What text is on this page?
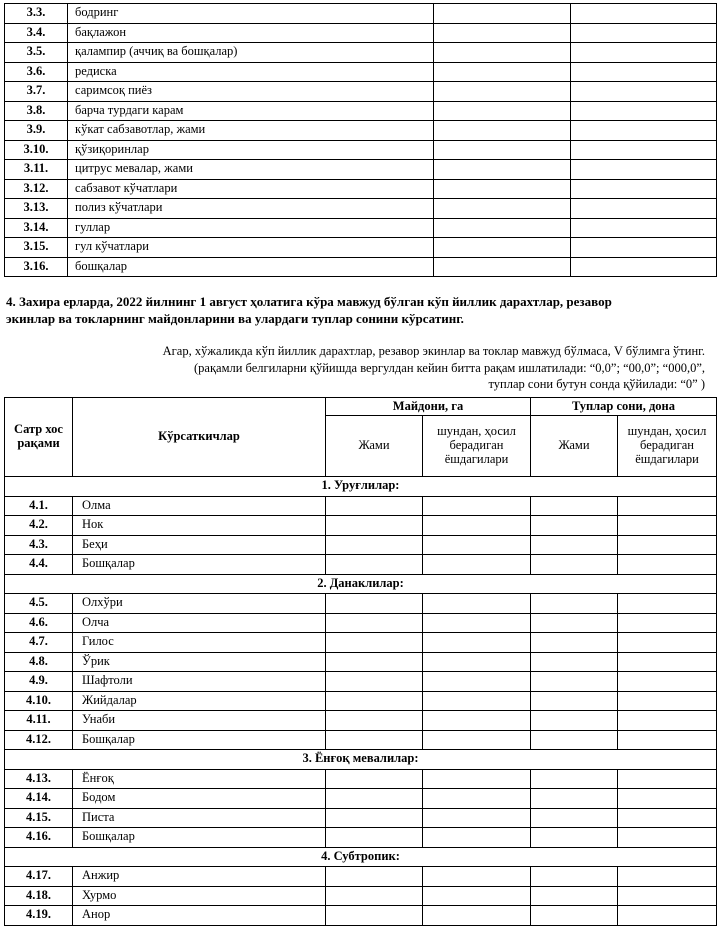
3.3.	бодринг		
3.4.	бақлажон		
3.5.	қалампир (аччиқ ва бошқалар)		
3.6.	редиска		
3.7.	саримсоқ пиёз		
3.8.	барча турдаги карам		
3.9.	кўкат сабзавотлар, жами		
3.10.	қўзиқоринлар		
3.11.	цитрус мевалар, жами		
3.12.	сабзавот кўчатлари		
3.13.	полиз кўчатлари		
3.14.	гуллар		
3.15.	гул кўчатлари		
3.16.	бошқалар		
4. Захира ерларда, 2022 йилнинг 1 август ҳолатига кўра мавжуд бўлган кўп йиллик дарахтлар, резавор
экинлар ва токларнинг майдонларини ва улардаги туплар сонини кўрсатинг.
Агар, хўжаликда кўп йиллик дарахтлар, резавор экинлар ва токлар мавжуд бўлмаса, V бўлимга ўтинг.
(рақамли белгиларни қўйишда вергулдан кейин битта рақам ишлатилади: “0,0”; “00,0”; “000,0”,
туплар сони бутун сонда қўйилади: “0” )
Сатр хос рақами	Кўрсаткичлар	Майдони, га		Туплар сони, дона	
		Жами	шундан, ҳосил берадиган ёшдагилари	Жами	шундан, ҳосил берадиган ёшдагилари
1. Уруғлилар:					
4.1.	Олма				
4.2.	Нок				
4.3.	Беҳи				
4.4.	Бошқалар				
2. Данаклилар:					
4.5.	Олхўри				
4.6.	Олча				
4.7.	Гилос				
4.8.	Ўрик				
4.9.	Шафтоли				
4.10.	Жийдалар				
4.11.	Унаби				
4.12.	Бошқалар				
3. Ёнғоқ мевалилар:					
4.13.	Ёнғоқ				
4.14.	Бодом				
4.15.	Писта				
4.16.	Бошқалар				
4. Субтропик:					
4.17.	Анжир				
4.18.	Хурмо				
4.19.	Анор				
